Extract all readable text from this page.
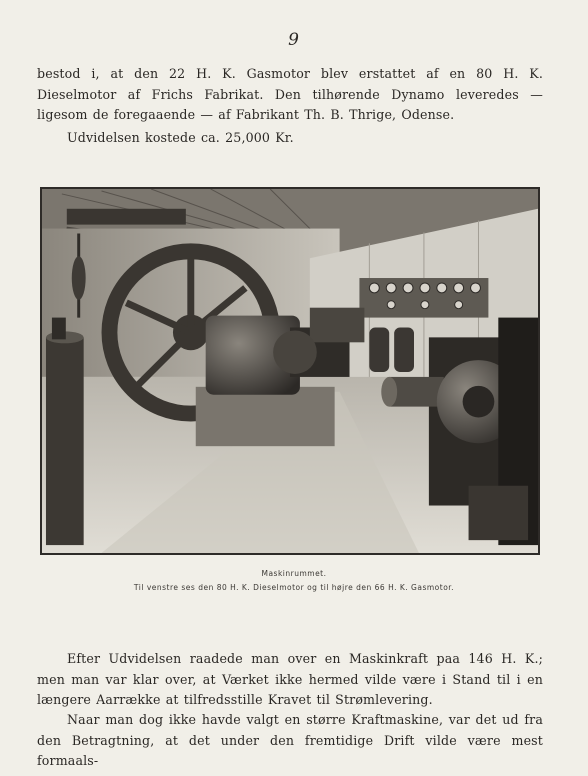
9

bestod i, at den 22 H. K. Gasmotor blev erstattet af en 80 H. K. Dieselmotor af Frichs Fabrikat. Den tilhørende Dynamo leveredes — ligesom de foregaaende — af Fabrikant Th. B. Thrige, Odense.

Udvidelsen kostede ca. 25,000 Kr.

Maskinrummet.
Til venstre ses den 80 H. K. Dieselmotor og til højre den 66 H. K. Gasmotor.

Efter Udvidelsen raadede man over en Maskinkraft paa 146 H. K.; men man var klar over, at Værket ikke hermed vilde være i Stand til i en længere Aarrække at tilfredsstille Kravet til Strømlevering.

Naar man dog ikke havde valgt en større Kraftmaskine, var det ud fra den Betragtning, at det under den fremtidige Drift vilde være mest formaals-
